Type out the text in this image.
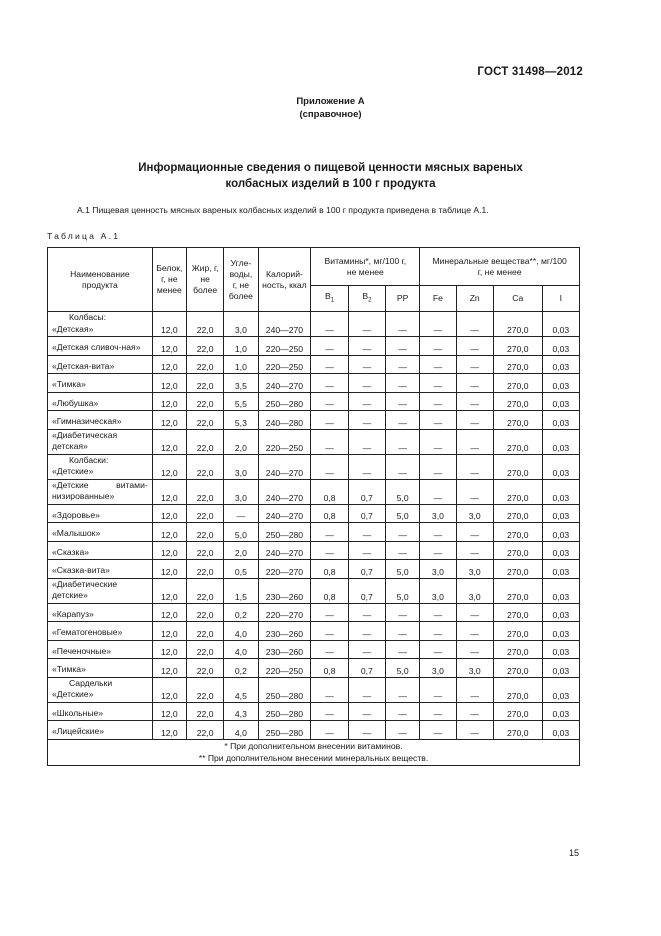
ГОСТ 31498—2012
Приложение А
(справочное)
Информационные сведения о пищевой ценности мясных вареных
колбасных изделий в 100 г продукта
А.1 Пищевая ценность мясных вареных колбасных изделий в 100 г продукта приведена в таблице А.1.
Таблица А.1
Наименование продукта	Белок, г, не менее	Жир, г, не более	Угле-воды, г, не более	Калорий-ность, ккал	Витамины*, мг/100 г, не менее			Минеральные вещества**, мг/100 г, не менее			
					$B_1$	$B_2$	PP	Fe	Zn	Ca	I

Колбасы:
«Детская»	12,0	22,0	3,0	240—270	—	—	—	—	—	270,0	0,03

«Детская сливоч-ная»	12,0	22,0	1,0	220—250	—	—	—	—	—	270,0	0,03

«Детская-вита»	12,0	22,0	1,0	220—250	—	—	—	—	—	270,0	0,03

«Тимка»	12,0	22,0	3,5	240—270	—	—	—	—	—	270,0	0,03

«Любушка»	12,0	22,0	5,5	250—280	—	—	—	—	—	270,0	0,03

«Гимназическая»	12,0	22,0	5,3	240—280	—	—	—	—	—	270,0	0,03

«Диабетическая детская»	12,0	22,0	2,0	220—250	—	—	—	—	—	270,0	0,03

Колбаски:
«Детские»	12,0	22,0	3,0	240—270	—	—	—	—	—	270,0	0,03

«Детские витами-низированные»	12,0	22,0	3,0	240—270	0,8	0,7	5,0	—	—	270,0	0,03

«Здоровье»	12,0	22,0	—	240—270	0,8	0,7	5,0	3,0	3,0	270,0	0,03

«Малышок»	12,0	22,0	5,0	250—280	—	—	—	—	—	270,0	0,03

«Сказка»	12,0	22,0	2,0	240—270	—	—	—	—	—	270,0	0,03

«Сказка-вита»	12,0	22,0	0,5	220—270	0,8	0,7	5,0	3,0	3,0	270,0	0,03

«Диабетические детские»	12,0	22,0	1,5	230—260	0,8	0,7	5,0	3,0	3,0	270,0	0,03

«Карапуз»	12,0	22,0	0,2	220—270	—	—	—	—	—	270,0	0,03

«Гематогеновые»	12,0	22,0	4,0	230—260	—	—	—	—	—	270,0	0,03

«Печеночные»	12,0	22,0	4,0	230—260	—	—	—	—	—	270,0	0,03

«Тимка»	12,0	22,0	0,2	220—250	0,8	0,7	5,0	3,0	3,0	270,0	0,03

Сардельки
«Детские»	12,0	22,0	4,5	250—280	—	—	—	—	—	270,0	0,03

«Школьные»	12,0	22,0	4,3	250—280	—	—	—	—	—	270,0	0,03

«Лицейские»	12,0	22,0	4,0	250—280	—	—	—	—	—	270,0	0,03

* При дополнительном внесении витаминов.
** При дополнительном внесении минеральных веществ.											
15
